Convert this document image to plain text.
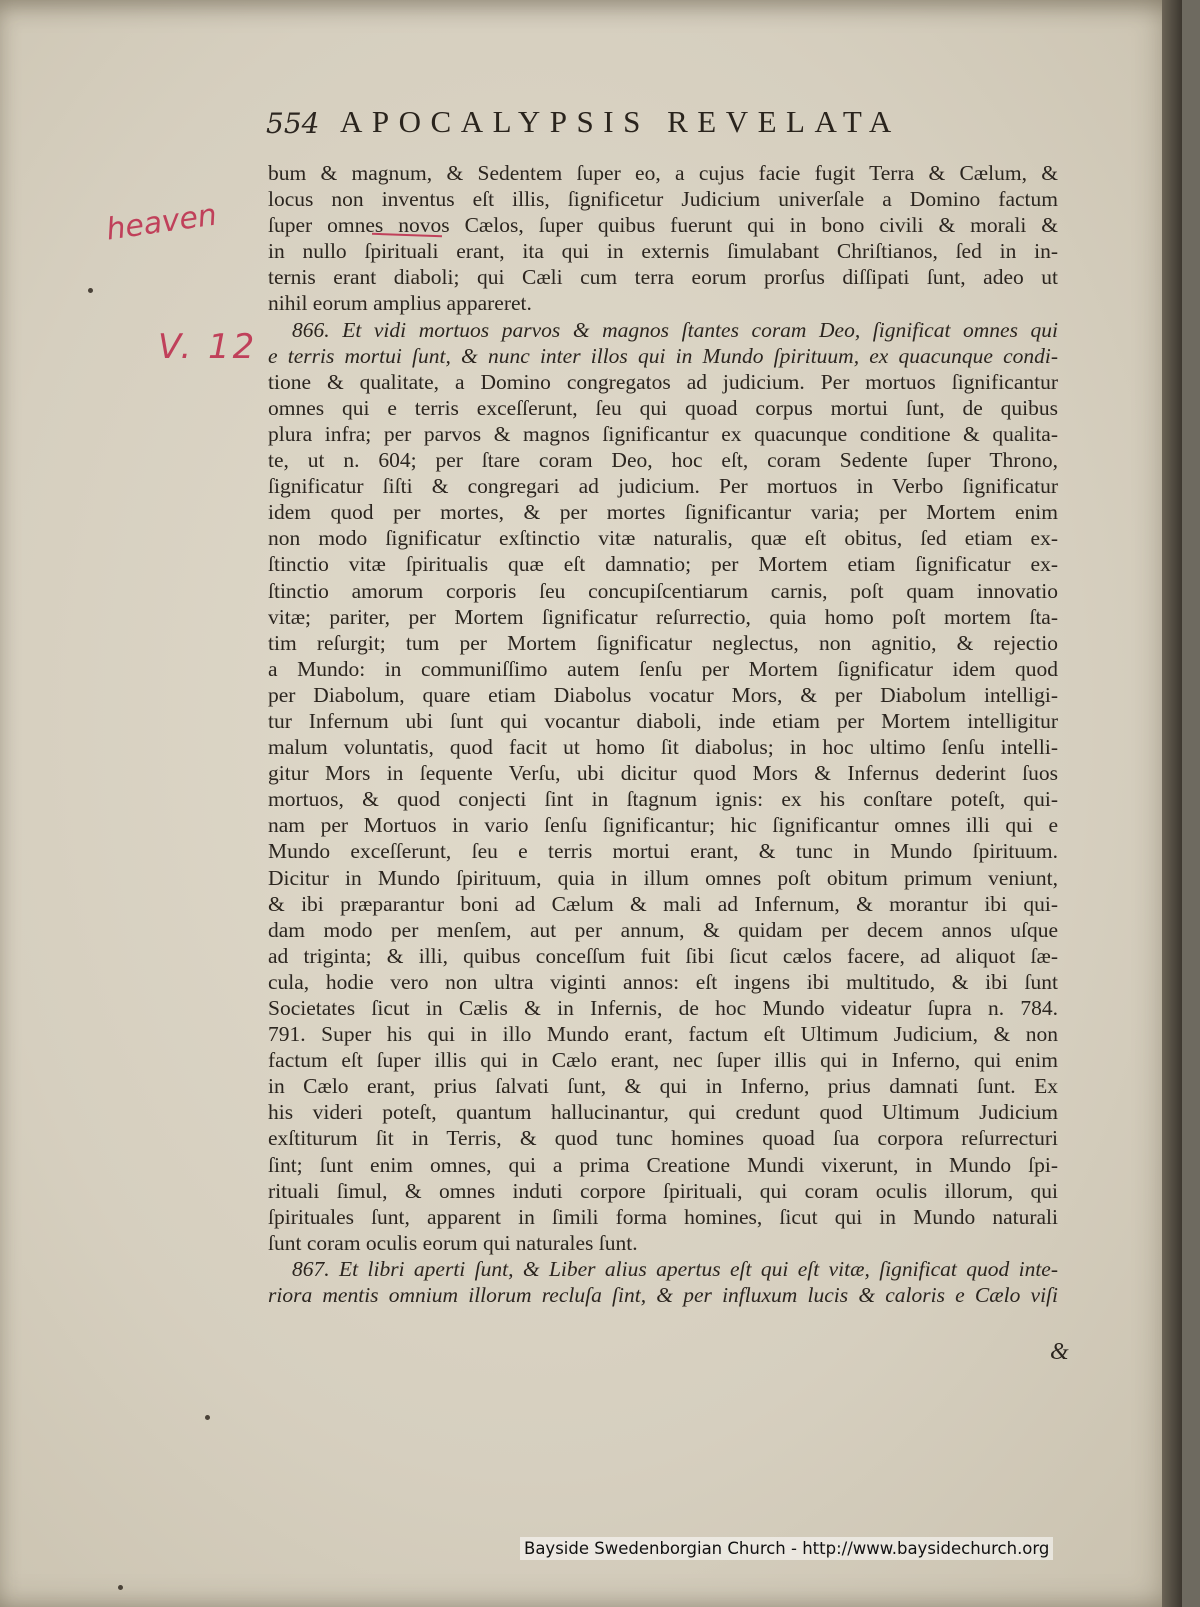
554 APOCALYPSIS REVELATA
heaven
V. 12
bum & magnum, & Sedentem ſuper eo, a cujus facie fugit Terra & Cælum, &
locus non inventus eſt illis, ſignificetur Judicium univerſale a Domino factum
ſuper omnes novos Cælos, ſuper quibus fuerunt qui in bono civili & morali &
in nullo ſpirituali erant, ita qui in externis ſimulabant Chriſtianos, ſed in in-
ternis erant diaboli; qui Cæli cum terra eorum prorſus diſſipati ſunt, adeo ut
nihil eorum amplius appareret.
866. Et vidi mortuos parvos & magnos ſtantes coram Deo, ſignificat omnes qui
e terris mortui ſunt, & nunc inter illos qui in Mundo ſpirituum, ex quacunque condi-
tione & qualitate, a Domino congregatos ad judicium. Per mortuos ſignificantur
omnes qui e terris exceſſerunt, ſeu qui quoad corpus mortui ſunt, de quibus
plura infra; per parvos & magnos ſignificantur ex quacunque conditione & qualita-
te, ut n. 604; per ſtare coram Deo, hoc eſt, coram Sedente ſuper Throno,
ſignificatur ſiſti & congregari ad judicium. Per mortuos in Verbo ſignificatur
idem quod per mortes, & per mortes ſignificantur varia; per Mortem enim
non modo ſignificatur exſtinctio vitæ naturalis, quæ eſt obitus, ſed etiam ex-
ſtinctio vitæ ſpiritualis quæ eſt damnatio; per Mortem etiam ſignificatur ex-
ſtinctio amorum corporis ſeu concupiſcentiarum carnis, poſt quam innovatio
vitæ; pariter, per Mortem ſignificatur reſurrectio, quia homo poſt mortem ſta-
tim reſurgit; tum per Mortem ſignificatur neglectus, non agnitio, & rejectio
a Mundo: in communiſſimo autem ſenſu per Mortem ſignificatur idem quod
per Diabolum, quare etiam Diabolus vocatur Mors, & per Diabolum intelligi-
tur Infernum ubi ſunt qui vocantur diaboli, inde etiam per Mortem intelligitur
malum voluntatis, quod facit ut homo ſit diabolus; in hoc ultimo ſenſu intelli-
gitur Mors in ſequente Verſu, ubi dicitur quod Mors & Infernus dederint ſuos
mortuos, & quod conjecti ſint in ſtagnum ignis: ex his conſtare poteſt, qui-
nam per Mortuos in vario ſenſu ſignificantur; hic ſignificantur omnes illi qui e
Mundo exceſſerunt, ſeu e terris mortui erant, & tunc in Mundo ſpirituum.
Dicitur in Mundo ſpirituum, quia in illum omnes poſt obitum primum veniunt,
& ibi præparantur boni ad Cælum & mali ad Infernum, & morantur ibi qui-
dam modo per menſem, aut per annum, & quidam per decem annos uſque
ad triginta; & illi, quibus conceſſum fuit ſibi ſicut cælos facere, ad aliquot ſæ-
cula, hodie vero non ultra viginti annos: eſt ingens ibi multitudo, & ibi ſunt
Societates ſicut in Cælis & in Infernis, de hoc Mundo videatur ſupra n. 784.
791. Super his qui in illo Mundo erant, factum eſt Ultimum Judicium, & non
factum eſt ſuper illis qui in Cælo erant, nec ſuper illis qui in Inferno, qui enim
in Cælo erant, prius ſalvati ſunt, & qui in Inferno, prius damnati ſunt. Ex
his videri poteſt, quantum hallucinantur, qui credunt quod Ultimum Judicium
exſtiturum ſit in Terris, & quod tunc homines quoad ſua corpora reſurrecturi
ſint; ſunt enim omnes, qui a prima Creatione Mundi vixerunt, in Mundo ſpi-
rituali ſimul, & omnes induti corpore ſpirituali, qui coram oculis illorum, qui
ſpirituales ſunt, apparent in ſimili forma homines, ſicut qui in Mundo naturali
ſunt coram oculis eorum qui naturales ſunt.
867. Et libri aperti ſunt, & Liber alius apertus eſt qui eſt vitæ, ſignificat quod inte-
riora mentis omnium illorum recluſa ſint, & per influxum lucis & caloris e Cælo viſi
&
Bayside Swedenborgian Church - http://www.baysidechurch.org
